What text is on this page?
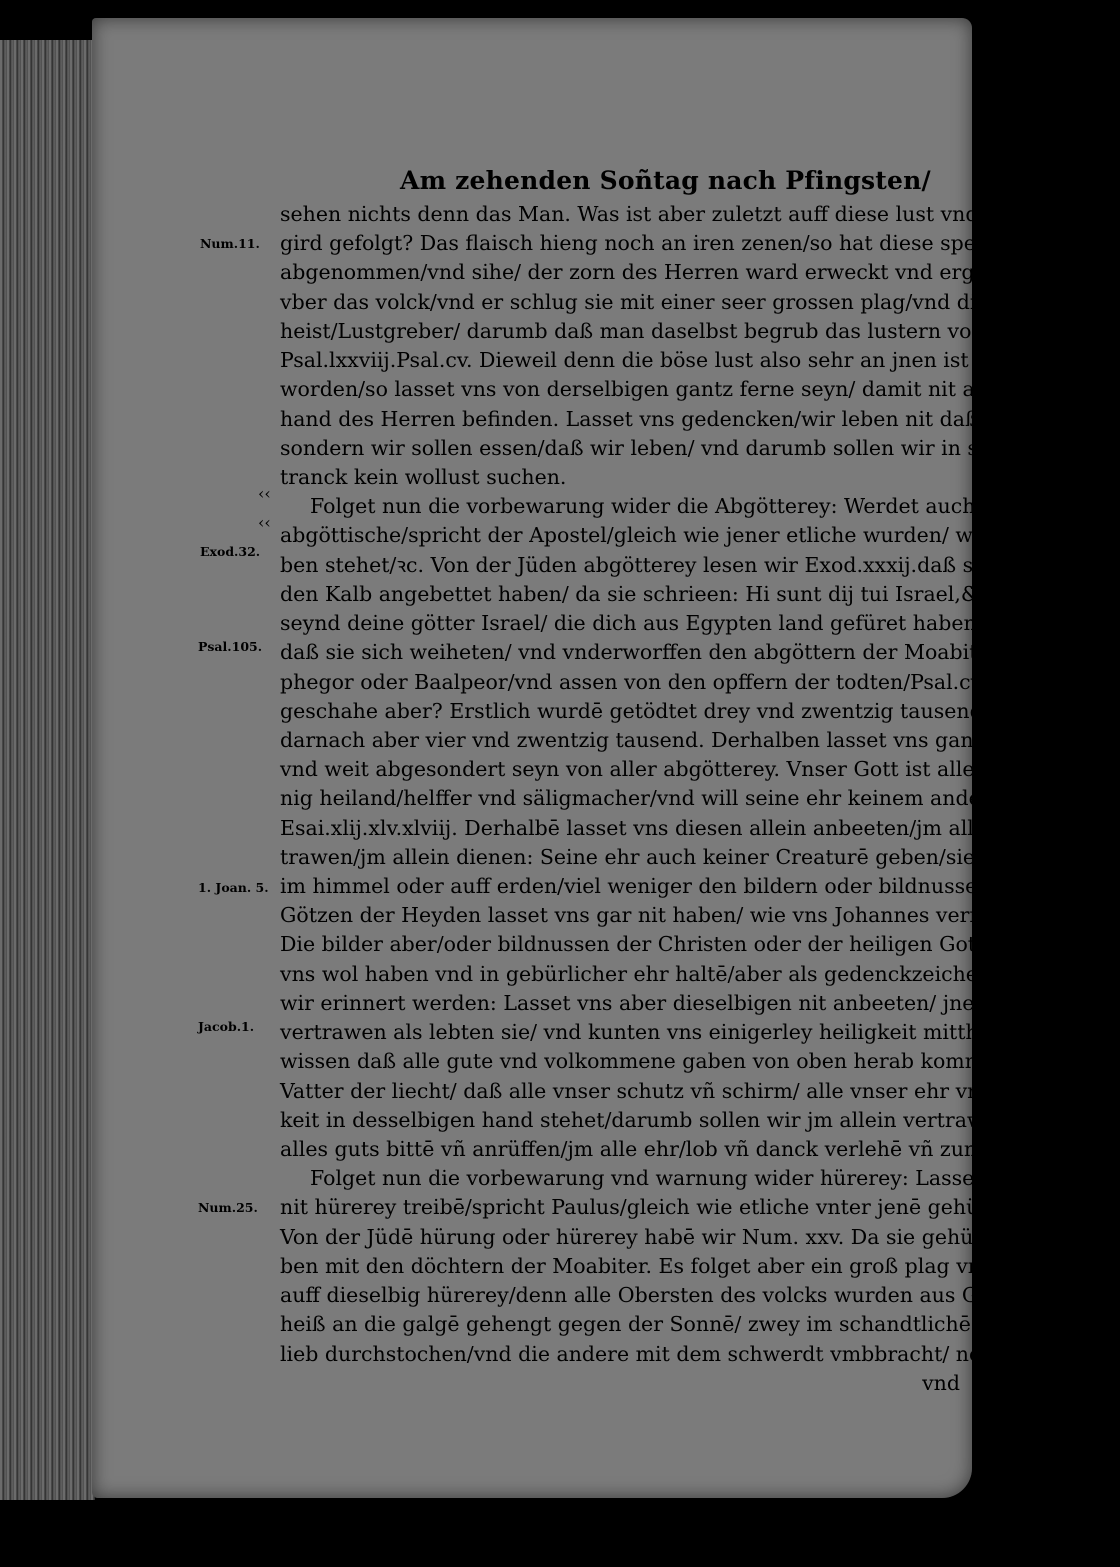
Am zehenden Soñtag nach Pfingsten/
‹‹
‹‹
Num.11.
Exod.32.
Psal.105.
1. Joan. 5.
Jacob.1.
Num.25.
sehen nichts denn das Man. Was ist aber zuletzt auff diese lust vnd geyle be
gird gefolgt? Das flaisch hieng noch an iren zenen/so hat diese speiß noch nit
abgenommen/vnd sihe/ der zorn des Herren ward erweckt vnd ergrimmet
vber das volck/vnd er schlug sie mit einer seer grossen plag/vnd dieselbige stete
heist/Lustgreber/ darumb daß man daselbst begrub das lustern volck/ Nū.xj.
Psal.lxxviij.Psal.cv. Dieweil denn die böse lust also sehr an jnen ist gestrafft
worden/so lasset vns von derselbigen gantz ferne seyn/ damit nit auch wir die
hand des Herren befinden. Lasset vns gedencken/wir leben nit daß wir essen/
sondern wir sollen essen/daß wir leben/ vnd darumb sollen wir in speiß vnd
tranck kein wollust suchen.
Folget nun die vorbewarung wider die Abgötterey: Werdet auch nit
abgöttische/spricht der Apostel/gleich wie jener etliche wurden/ wie geschrie
ben stehet/ꝛc. Von der Jüden abgötterey lesen wir Exod.xxxij.daß sie ein gül
den Kalb angebettet haben/ da sie schrieen: Hi sunt dij tui Israel,&c. Das
seynd deine götter Israel/ die dich aus Egypten land gefüret haben/ Item
daß sie sich weiheten/ vnd vnderworffen den abgöttern der Moabiten/ Beel
phegor oder Baalpeor/vnd assen von den opffern der todten/Psal.cv. Was
geschahe aber? Erstlich wurdē getödtet drey vnd zwentzig tausend Menschē/
darnach aber vier vnd zwentzig tausend. Derhalben lasset vns gantz fern
vnd weit abgesondert seyn von aller abgötterey. Vnser Gott ist allein der ei
nig heiland/helffer vnd säligmacher/vnd will seine ehr keinem andern geben/
Esai.xlij.xlv.xlviij. Derhalbē lasset vns diesen allein anbeeten/jm allein ver
trawen/jm allein dienen: Seine ehr auch keiner Creaturē geben/sie sey gleich
im himmel oder auff erden/viel weniger den bildern oder bildnussen. Die
Götzen der Heyden lasset vns gar nit haben/ wie vns Johannes vermanet.
Die bilder aber/oder bildnussen der Christen oder der heiligen Gottes/ lasset
vns wol haben vnd in gebürlicher ehr haltē/aber als gedenckzeichen/dadurch
wir erinnert werden: Lasset vns aber dieselbigen nit anbeeten/ jnen auch nit
vertrawen als lebten sie/ vnd kunten vns einigerley heiligkeit mittheilē. Wir
wissen daß alle gute vnd volkommene gaben von oben herab kommen vom
Vatter der liecht/ daß alle vnser schutz vñ schirm/ alle vnser ehr vnd herrlig
keit in desselbigen hand stehet/darumb sollen wir jm allein vertrawē/ jn vmb
alles guts bittē vñ anrüffen/jm alle ehr/lob vñ danck verlehē vñ zumessen/ꝛc.
Folget nun die vorbewarung vnd warnung wider hürerey: Lasset vns
nit hürerey treibē/spricht Paulus/gleich wie etliche vnter jenē gehüret haben.
Von der Jüdē hürung oder hürerey habē wir Num. xxv. Da sie gehüret ha
ben mit den döchtern der Moabiter. Es folget aber ein groß plag vnd straff
auff dieselbig hürerey/denn alle Obersten des volcks wurden aus Gottes ge
heiß an die galgē gehengt gegen der Sonnē/ zwey im schandtlichē werck der
lieb durchstochen/vnd die andere mit dem schwerdt vmbbracht/ nemlich drey
vnd
